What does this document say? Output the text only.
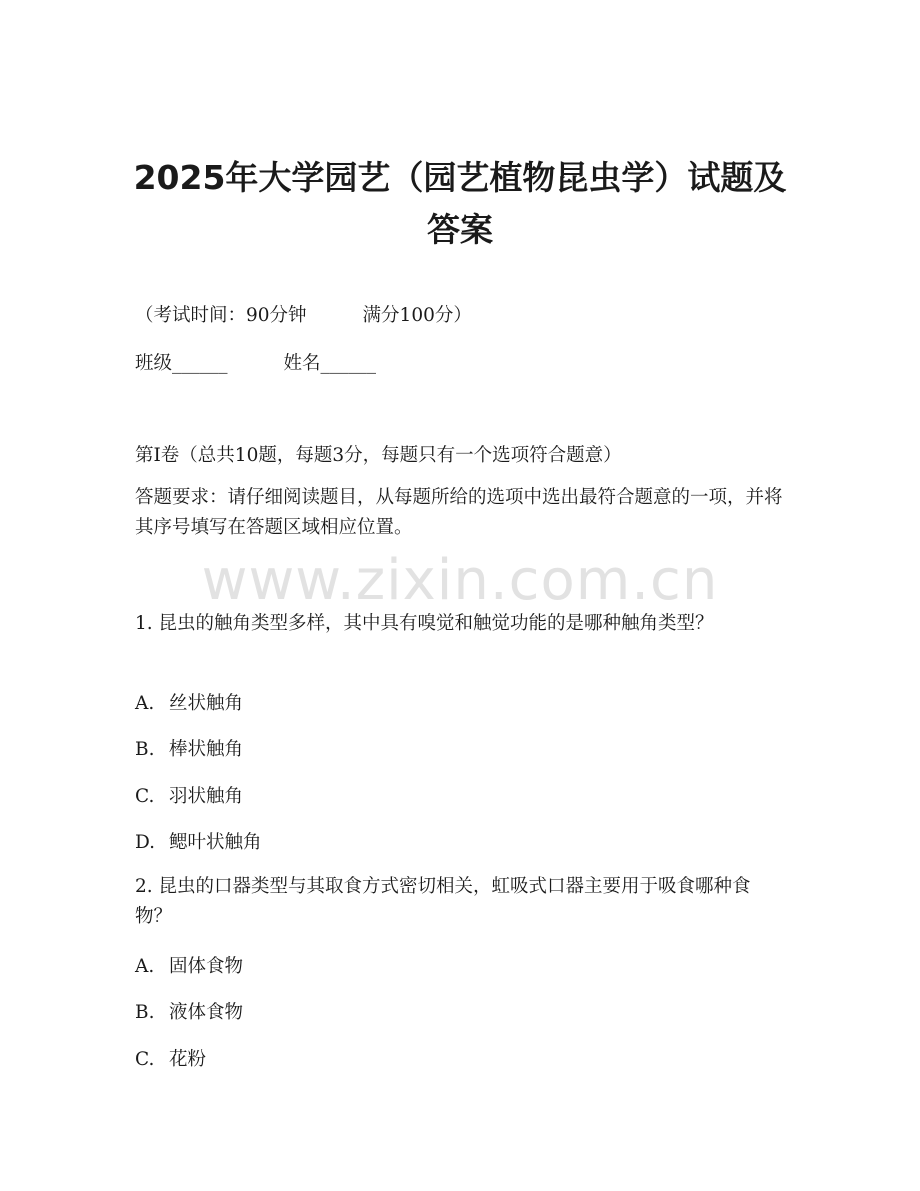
2025年大学园艺（园艺植物昆虫学）试题及答案

（考试时间：90分钟	满分100分）

班级______	姓名______

第I卷（总共10题，每题3分，每题只有一个选项符合题意）

答题要求：请仔细阅读题目，从每题所给的选项中选出最符合题意的一项，并将其序号填写在答题区域相应位置。

www.zixin.com.cn

1. 昆虫的触角类型多样，其中具有嗅觉和触觉功能的是哪种触角类型？

A. 丝状触角

B. 棒状触角

C. 羽状触角

D. 鳃叶状触角

2. 昆虫的口器类型与其取食方式密切相关，虹吸式口器主要用于吸食哪种食物？

A. 固体食物

B. 液体食物

C. 花粉
